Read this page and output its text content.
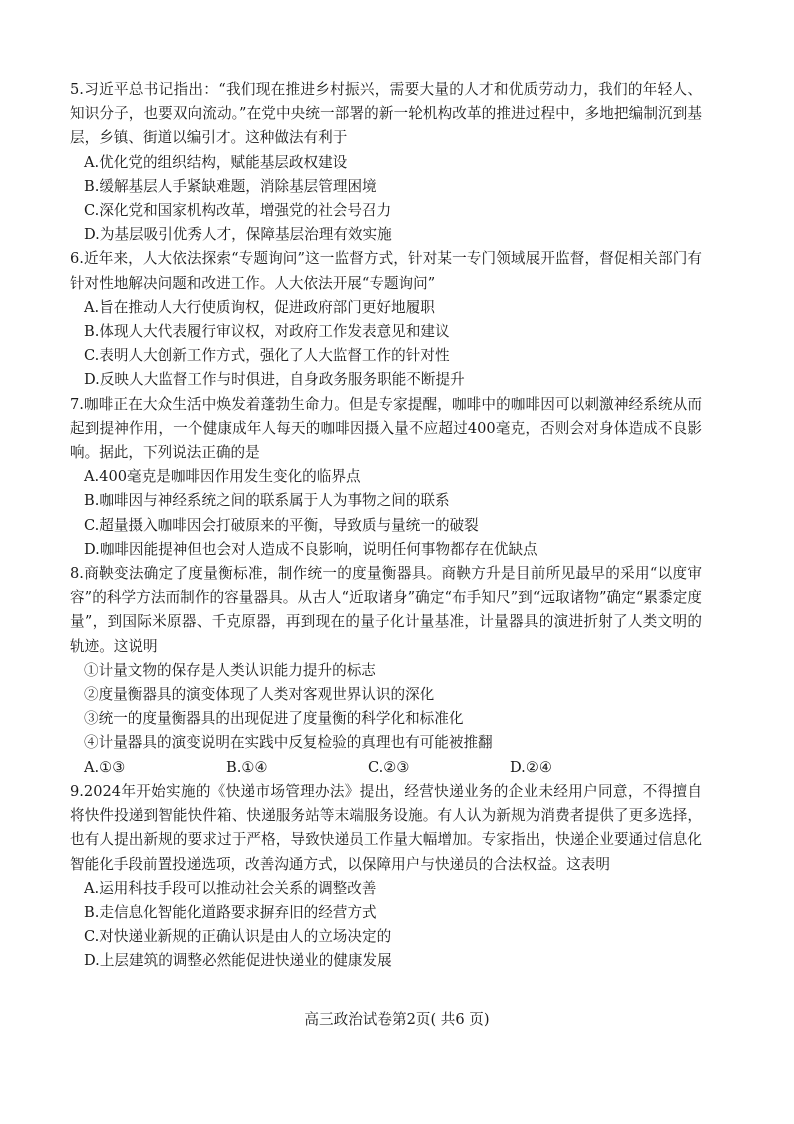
5.习近平总书记指出：“我们现在推进乡村振兴，需要大量的人才和优质劳动力，我们的年轻人、知识分子，也要双向流动。”在党中央统一部署的新一轮机构改革的推进过程中，多地把编制沉到基层，乡镇、街道以编引才。这种做法有利于

A.优化党的组织结构，赋能基层政权建设

B.缓解基层人手紧缺难题，消除基层管理困境

C.深化党和国家机构改革，增强党的社会号召力

D.为基层吸引优秀人才，保障基层治理有效实施

6.近年来，人大依法探索“专题询问”这一监督方式，针对某一专门领域展开监督，督促相关部门有针对性地解决问题和改进工作。人大依法开展“专题询问”

A.旨在推动人大行使质询权，促进政府部门更好地履职

B.体现人大代表履行审议权，对政府工作发表意见和建议

C.表明人大创新工作方式，强化了人大监督工作的针对性

D.反映人大监督工作与时俱进，自身政务服务职能不断提升

7.咖啡正在大众生活中焕发着蓬勃生命力。但是专家提醒，咖啡中的咖啡因可以刺激神经系统从而起到提神作用，一个健康成年人每天的咖啡因摄入量不应超过400毫克，否则会对身体造成不良影响。据此，下列说法正确的是

A.400毫克是咖啡因作用发生变化的临界点

B.咖啡因与神经系统之间的联系属于人为事物之间的联系

C.超量摄入咖啡因会打破原来的平衡，导致质与量统一的破裂

D.咖啡因能提神但也会对人造成不良影响，说明任何事物都存在优缺点

8.商鞅变法确定了度量衡标准，制作统一的度量衡器具。商鞅方升是目前所见最早的采用“以度审容”的科学方法而制作的容量器具。从古人“近取诸身”确定“布手知尺”到“远取诸物”确定“累黍定度量”，到国际米原器、千克原器，再到现在的量子化计量基准，计量器具的演进折射了人类文明的轨迹。这说明

①计量文物的保存是人类认识能力提升的标志

②度量衡器具的演变体现了人类对客观世界认识的深化

③统一的度量衡器具的出现促进了度量衡的科学化和标准化

④计量器具的演变说明在实践中反复检验的真理也有可能被推翻

A.①③	B.①④	C.②③	D.②④

9.2024年开始实施的《快递市场管理办法》提出，经营快递业务的企业未经用户同意，不得擅自将快件投递到智能快件箱、快递服务站等末端服务设施。有人认为新规为消费者提供了更多选择，也有人提出新规的要求过于严格，导致快递员工作量大幅增加。专家指出，快递企业要通过信息化智能化手段前置投递选项，改善沟通方式，以保障用户与快递员的合法权益。这表明

A.运用科技手段可以推动社会关系的调整改善

B.走信息化智能化道路要求摒弃旧的经营方式

C.对快递业新规的正确认识是由人的立场决定的

D.上层建筑的调整必然能促进快递业的健康发展

高三政治试卷第2页( 共6 页)
